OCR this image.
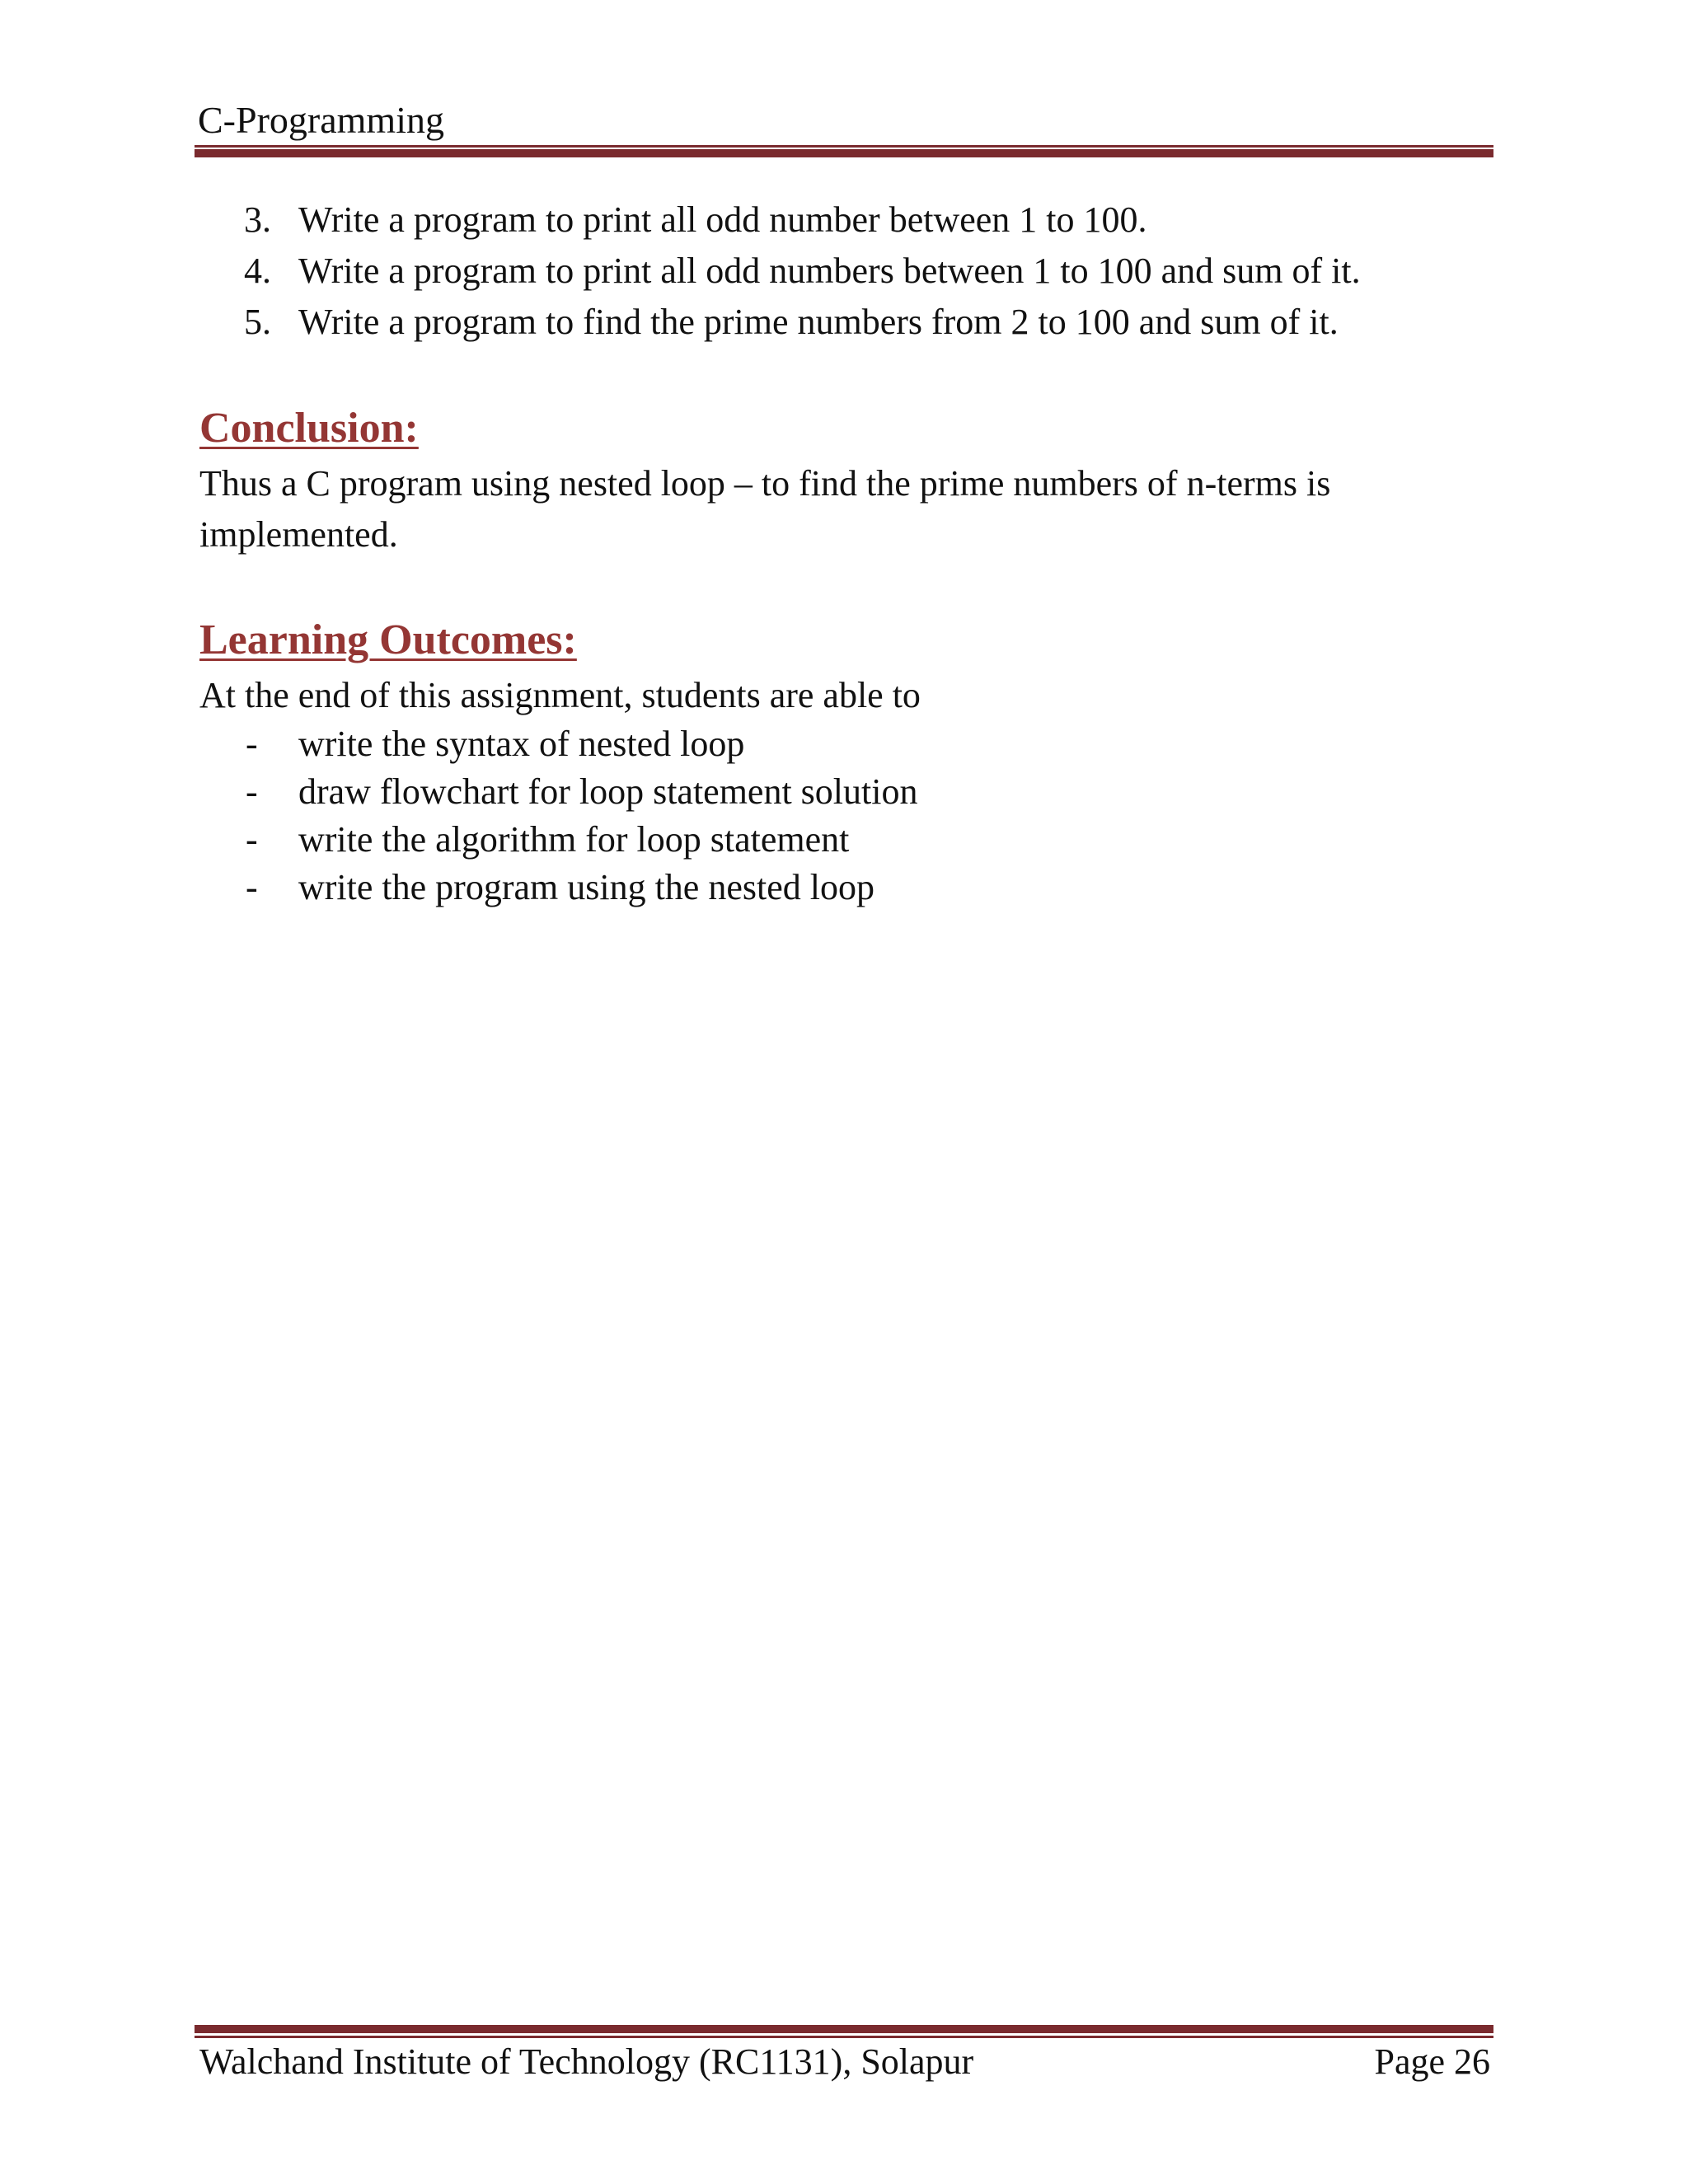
C-Programming

3. Write a program to print all odd number between 1 to 100.
4. Write a program to print all odd numbers between 1 to 100 and sum of it.
5. Write a program to find the prime numbers from 2 to 100 and sum of it.
Conclusion:

Thus a C program using nested loop – to find the prime numbers of n-terms is

implemented.

Learning Outcomes:

At the end of this assignment, students are able to

- write the syntax of nested loop
- draw flowchart for loop statement solution
- write the algorithm for loop statement
- write the program using the nested loop

Walchand Institute of Technology (RC1131), Solapur	Page 26
